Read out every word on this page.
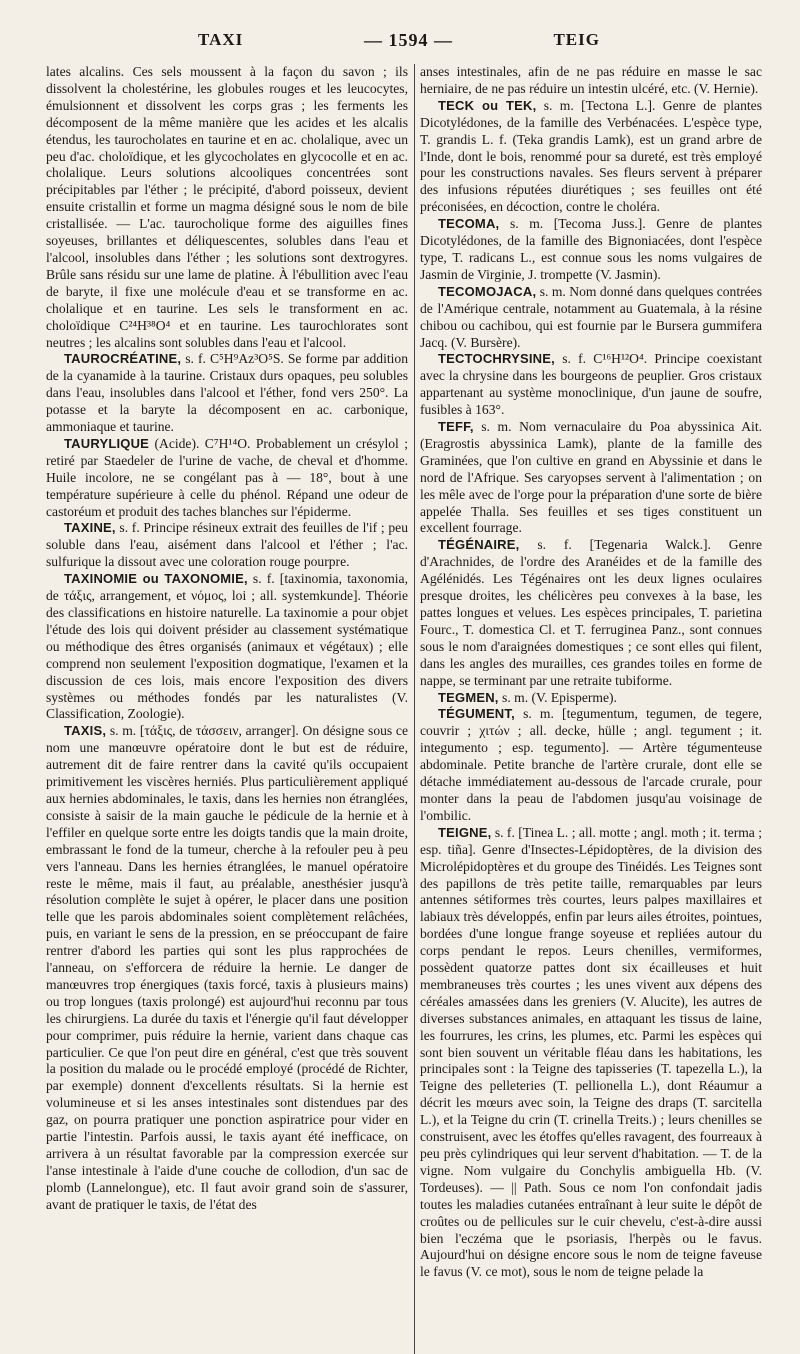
TAXI	— 1594 —	TEIG

lates alcalins. Ces sels moussent à la façon du savon ; ils dissolvent la cholestérine, les globules rouges et les leucocytes, émulsionnent et dissolvent les corps gras ; les ferments les décomposent de la même manière que les acides et les alcalis étendus, les taurocholates en taurine et en ac. cholalique, avec un peu d'ac. choloïdique, et les glycocholates en glycocolle et en ac. cholalique. Leurs solutions alcooliques concentrées sont précipitables par l'éther ; le précipité, d'abord poisseux, devient ensuite cristallin et forme un magma désigné sous le nom de bile cristallisée. — L'ac. taurocholique forme des aiguilles fines soyeuses, brillantes et déliquescentes, solubles dans l'eau et l'alcool, insolubles dans l'éther ; les solutions sont dextrogyres. Brûle sans résidu sur une lame de platine. À l'ébullition avec l'eau de baryte, il fixe une molécule d'eau et se transforme en ac. cholalique et en taurine. Les sels le transforment en ac. choloïdique C²⁴H³⁸O⁴ et en taurine. Les taurochlorates sont neutres ; les alcalins sont solubles dans l'eau et l'alcool.

TAUROCRÉATINE, s. f. C⁵H⁹Az³O⁵S. Se forme par addition de la cyanamide à la taurine. Cristaux durs opaques, peu solubles dans l'eau, insolubles dans l'alcool et l'éther, fond vers 250°. La potasse et la baryte la décomposent en ac. carbonique, ammoniaque et taurine.

TAURYLIQUE (Acide). C⁷H¹⁴O. Probablement un crésylol ; retiré par Staedeler de l'urine de vache, de cheval et d'homme. Huile incolore, ne se congélant pas à — 18°, bout à une température supérieure à celle du phénol. Répand une odeur de castoréum et produit des taches blanches sur l'épiderme.

TAXINE, s. f. Principe résineux extrait des feuilles de l'if ; peu soluble dans l'eau, aisément dans l'alcool et l'éther ; l'ac. sulfurique la dissout avec une coloration rouge pourpre.

TAXINOMIE ou TAXONOMIE, s. f. [taxinomia, taxonomia, de τάξις, arrangement, et νόμος, loi ; all. systemkunde]. Théorie des classifications en histoire naturelle. La taxinomie a pour objet l'étude des lois qui doivent présider au classement systématique ou méthodique des êtres organisés (animaux et végétaux) ; elle comprend non seulement l'exposition dogmatique, l'examen et la discussion de ces lois, mais encore l'exposition des divers systèmes ou méthodes fondés par les naturalistes (V. Classification, Zoologie).

TAXIS, s. m. [τάξις, de τάσσειν, arranger]. On désigne sous ce nom une manœuvre opératoire dont le but est de réduire, autrement dit de faire rentrer dans la cavité qu'ils occupaient primitivement les viscères herniés. Plus particulièrement appliqué aux hernies abdominales, le taxis, dans les hernies non étranglées, consiste à saisir de la main gauche le pédicule de la hernie et à l'effiler en quelque sorte entre les doigts tandis que la main droite, embrassant le fond de la tumeur, cherche à la refouler peu à peu vers l'anneau. Dans les hernies étranglées, le manuel opératoire reste le même, mais il faut, au préalable, anesthésier jusqu'à résolution complète le sujet à opérer, le placer dans une position telle que les parois abdominales soient complètement relâchées, puis, en variant le sens de la pression, en se préoccupant de faire rentrer d'abord les parties qui sont les plus rapprochées de l'anneau, on s'efforcera de réduire la hernie. Le danger de manœuvres trop énergiques (taxis forcé, taxis à plusieurs mains) ou trop longues (taxis prolongé) est aujourd'hui reconnu par tous les chirurgiens. La durée du taxis et l'énergie qu'il faut développer pour comprimer, puis réduire la hernie, varient dans chaque cas particulier. Ce que l'on peut dire en général, c'est que très souvent la position du malade ou le procédé employé (procédé de Richter, par exemple) donnent d'excellents résultats. Si la hernie est volumineuse et si les anses intestinales sont distendues par des gaz, on pourra pratiquer une ponction aspiratrice pour vider en partie l'intestin. Parfois aussi, le taxis ayant été inefficace, on arrivera à un résultat favorable par la compression exercée sur l'anse intestinale à l'aide d'une couche de collodion, d'un sac de plomb (Lannelongue), etc. Il faut avoir grand soin de s'assurer, avant de pratiquer le taxis, de l'état des

anses intestinales, afin de ne pas réduire en masse le sac herniaire, de ne pas réduire un intestin ulcéré, etc. (V. Hernie).

TECK ou TEK, s. m. [Tectona L.]. Genre de plantes Dicotylédones, de la famille des Verbénacées. L'espèce type, T. grandis L. f. (Teka grandis Lamk), est un grand arbre de l'Inde, dont le bois, renommé pour sa dureté, est très employé pour les constructions navales. Ses fleurs servent à préparer des infusions réputées diurétiques ; ses feuilles ont été préconisées, en décoction, contre le choléra.

TECOMA, s. m. [Tecoma Juss.]. Genre de plantes Dicotylédones, de la famille des Bignoniacées, dont l'espèce type, T. radicans L., est connue sous les noms vulgaires de Jasmin de Virginie, J. trompette (V. Jasmin).

TECOMOJACA, s. m. Nom donné dans quelques contrées de l'Amérique centrale, notamment au Guatemala, à la résine chibou ou cachibou, qui est fournie par le Bursera gummifera Jacq. (V. Bursère).

TECTOCHRYSINE, s. f. C¹⁶H¹²O⁴. Principe coexistant avec la chrysine dans les bourgeons de peuplier. Gros cristaux appartenant au système monoclinique, d'un jaune de soufre, fusibles à 163°.

TEFF, s. m. Nom vernaculaire du Poa abyssinica Ait. (Eragrostis abyssinica Lamk), plante de la famille des Graminées, que l'on cultive en grand en Abyssinie et dans le nord de l'Afrique. Ses caryopses servent à l'alimentation ; on les mêle avec de l'orge pour la préparation d'une sorte de bière appelée Thalla. Ses feuilles et ses tiges constituent un excellent fourrage.

TÉGÉNAIRE, s. f. [Tegenaria Walck.]. Genre d'Arachnides, de l'ordre des Aranéides et de la famille des Agélénidés. Les Tégénaires ont les deux lignes oculaires presque droites, les chélicères peu convexes à la base, les pattes longues et velues. Les espèces principales, T. parietina Fourc., T. domestica Cl. et T. ferruginea Panz., sont connues sous le nom d'araignées domestiques ; ce sont elles qui filent, dans les angles des murailles, ces grandes toiles en forme de nappe, se terminant par une retraite tubiforme.

TEGMEN, s. m. (V. Episperme).

TÉGUMENT, s. m. [tegumentum, tegumen, de tegere, couvrir ; χιτών ; all. decke, hülle ; angl. tegument ; it. integumento ; esp. tegumento]. — Artère tégumenteuse abdominale. Petite branche de l'artère crurale, dont elle se détache immédiatement au-dessous de l'arcade crurale, pour monter dans la peau de l'abdomen jusqu'au voisinage de l'ombilic.

TEIGNE, s. f. [Tinea L. ; all. motte ; angl. moth ; it. terma ; esp. tiña]. Genre d'Insectes-Lépidoptères, de la division des Microlépidoptères et du groupe des Tinéidés. Les Teignes sont des papillons de très petite taille, remarquables par leurs antennes sétiformes très courtes, leurs palpes maxillaires et labiaux très développés, enfin par leurs ailes étroites, pointues, bordées d'une longue frange soyeuse et repliées autour du corps pendant le repos. Leurs chenilles, vermiformes, possèdent quatorze pattes dont six écailleuses et huit membraneuses très courtes ; les unes vivent aux dépens des céréales amassées dans les greniers (V. Alucite), les autres de diverses substances animales, en attaquant les tissus de laine, les fourrures, les crins, les plumes, etc. Parmi les espèces qui sont bien souvent un véritable fléau dans les habitations, les principales sont : la Teigne des tapisseries (T. tapezella L.), la Teigne des pelleteries (T. pellionella L.), dont Réaumur a décrit les mœurs avec soin, la Teigne des draps (T. sarcitella L.), et la Teigne du crin (T. crinella Treits.) ; leurs chenilles se construisent, avec les étoffes qu'elles ravagent, des fourreaux à peu près cylindriques qui leur servent d'habitation. — T. de la vigne. Nom vulgaire du Conchylis ambiguella Hb. (V. Tordeuses). — || Path. Sous ce nom l'on confondait jadis toutes les maladies cutanées entraînant à leur suite le dépôt de croûtes ou de pellicules sur le cuir chevelu, c'est-à-dire aussi bien l'eczéma que le psoriasis, l'herpès ou le favus. Aujourd'hui on désigne encore sous le nom de teigne faveuse le favus (V. ce mot), sous le nom de teigne pelade la
